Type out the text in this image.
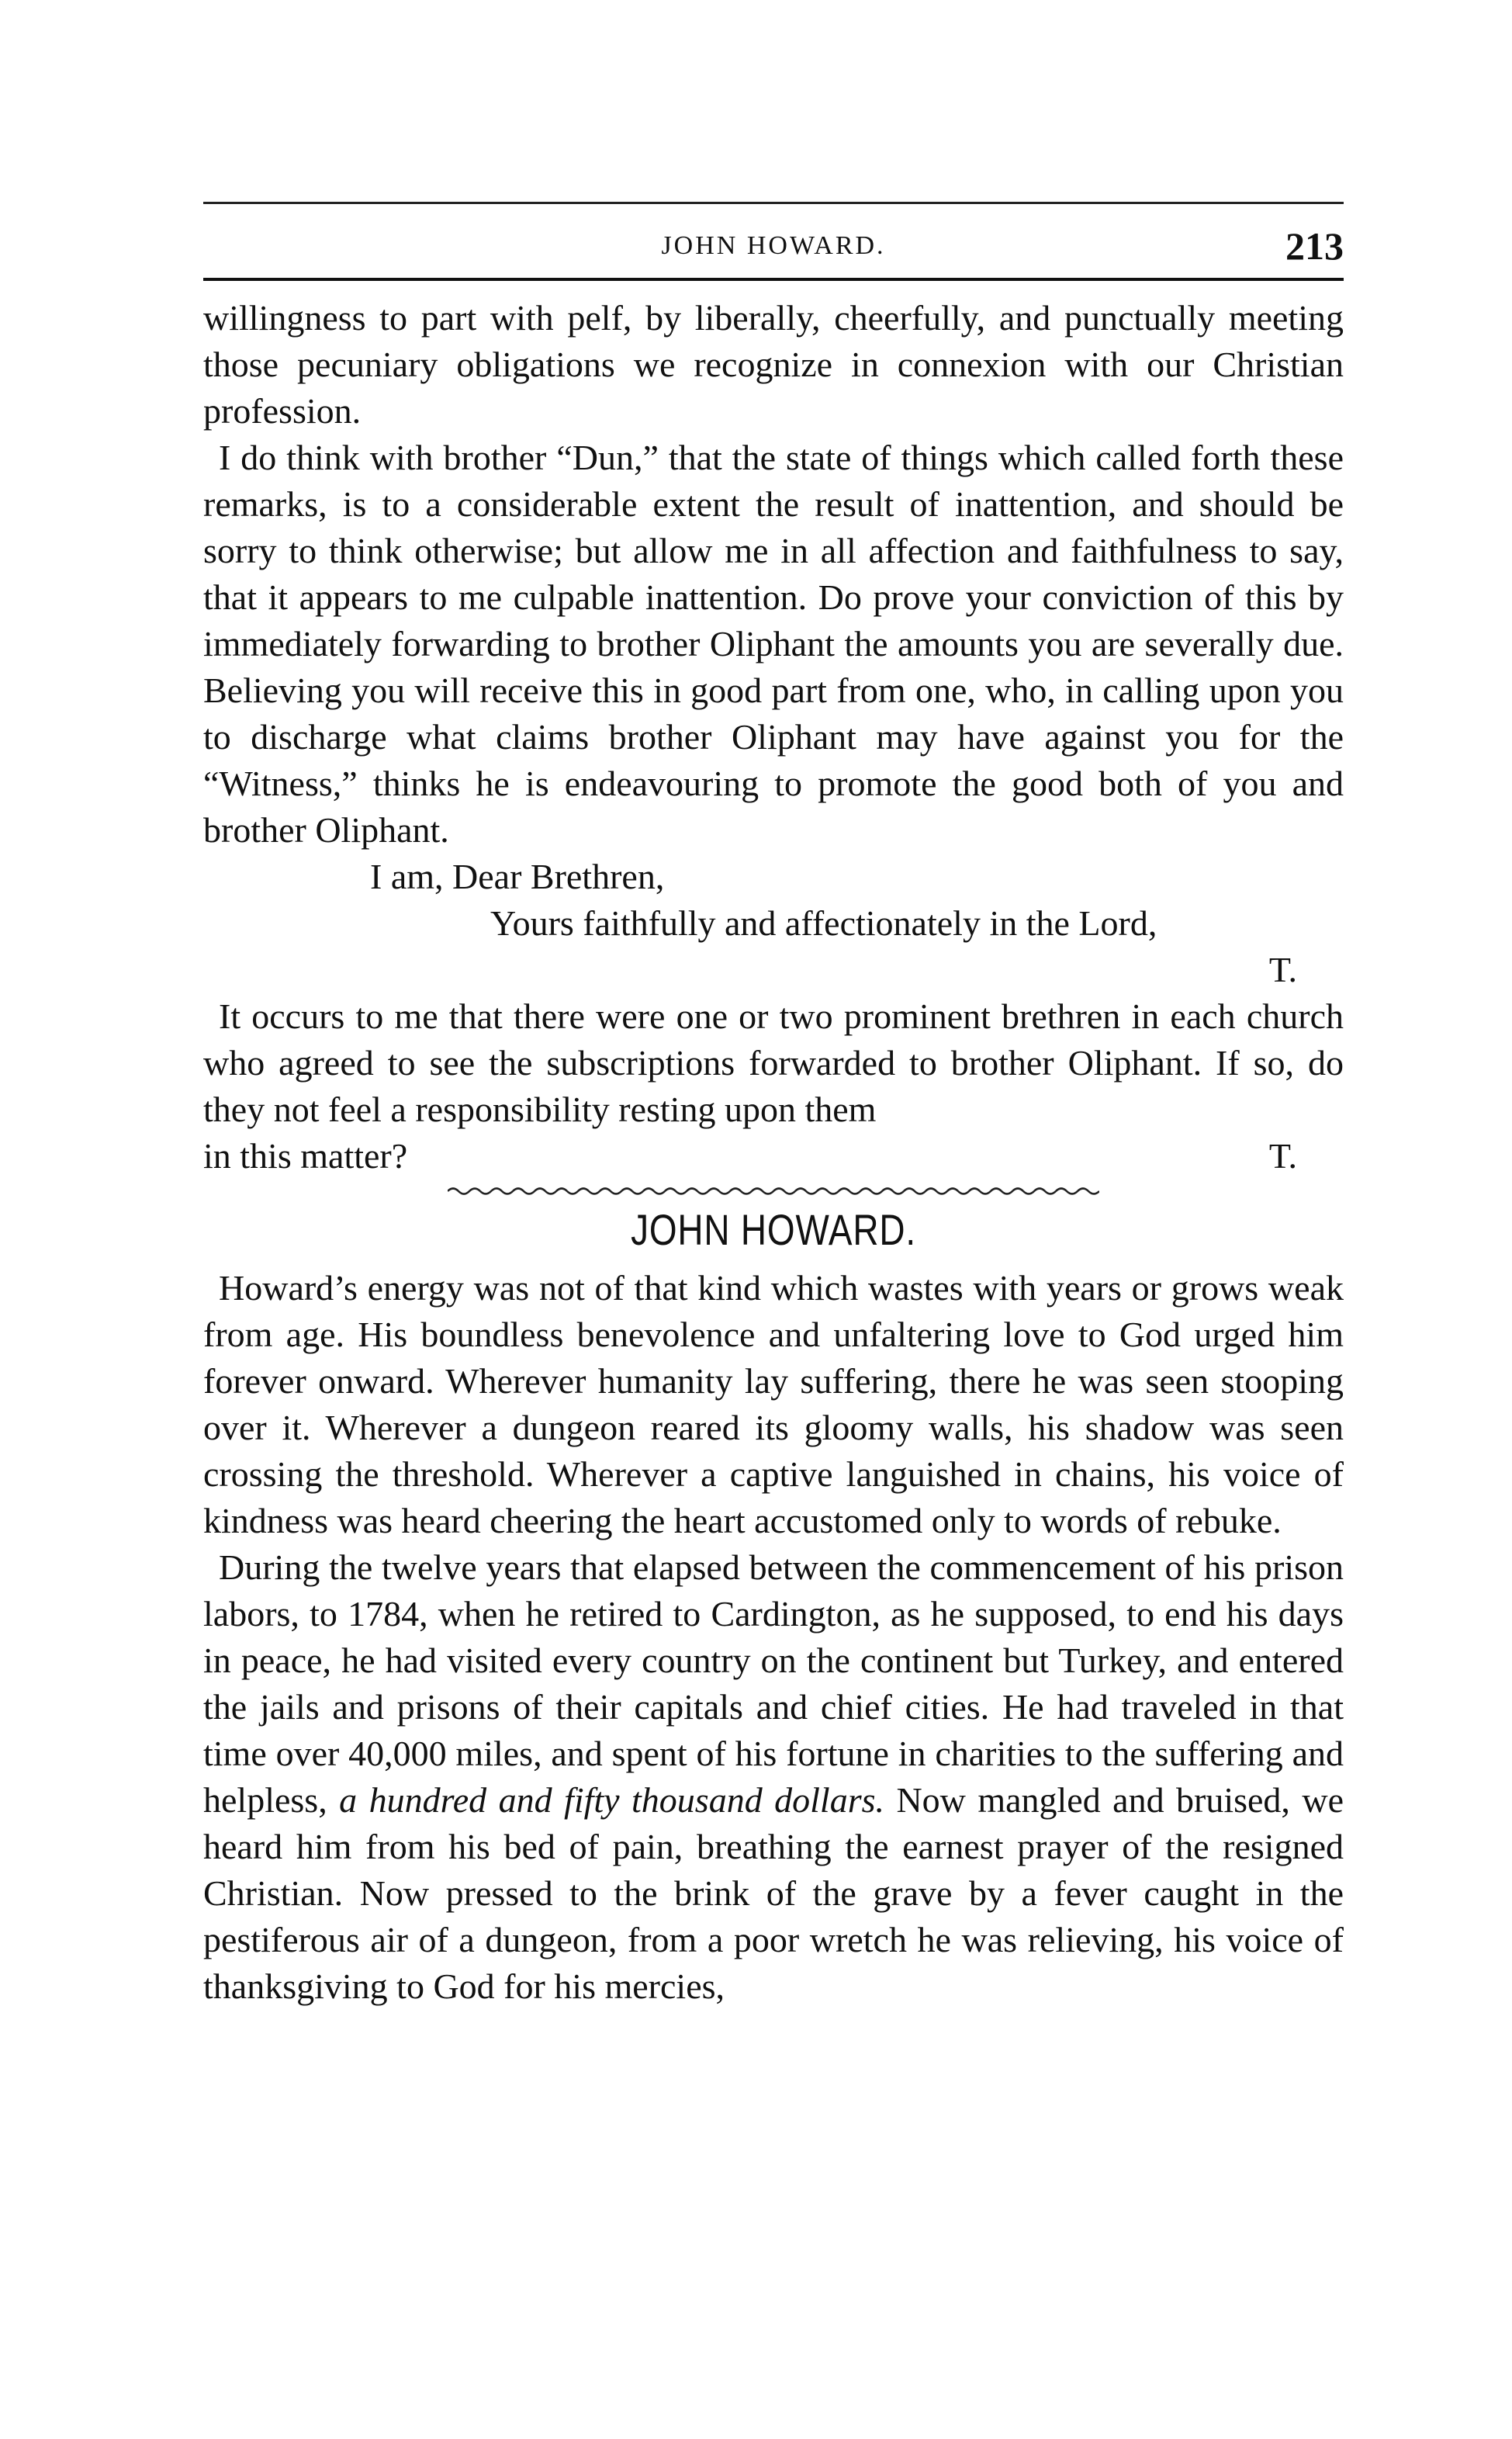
JOHN HOWARD.	213

willingness to part with pelf, by liberally, cheerfully, and punctually meeting those pecuniary obligations we recognize in connexion with our Christian profession.

I do think with brother “Dun,” that the state of things which called forth these remarks, is to a considerable extent the result of inattention, and should be sorry to think otherwise; but allow me in all affection and faithfulness to say, that it appears to me culpable inattention. Do prove your conviction of this by immediately forwarding to brother Oliphant the amounts you are severally due. Believing you will receive this in good part from one, who, in calling upon you to discharge what claims brother Oliphant may have against you for the “Witness,” thinks he is endeavouring to promote the good both of you and brother Oliphant.

I am, Dear Brethren,

Yours faithfully and affectionately in the Lord,

T.

It occurs to me that there were one or two prominent brethren in each church who agreed to see the subscriptions forwarded to brother Oliphant. If so, do they not feel a responsibility resting upon them

in this matter?	T.
JOHN HOWARD.

Howard’s energy was not of that kind which wastes with years or grows weak from age. His boundless benevolence and unfaltering love to God urged him forever onward. Wherever humanity lay suffering, there he was seen stooping over it. Wherever a dungeon reared its gloomy walls, his shadow was seen crossing the threshold. Wherever a captive languished in chains, his voice of kindness was heard cheering the heart accustomed only to words of rebuke.

During the twelve years that elapsed between the commencement of his prison labors, to 1784, when he retired to Cardington, as he supposed, to end his days in peace, he had visited every country on the continent but Turkey, and entered the jails and prisons of their capitals and chief cities. He had traveled in that time over 40,000 miles, and spent of his fortune in charities to the suffering and helpless, a hundred and fifty thousand dollars. Now mangled and bruised, we heard him from his bed of pain, breathing the earnest prayer of the resigned Christian. Now pressed to the brink of the grave by a fever caught in the pestiferous air of a dungeon, from a poor wretch he was relieving, his voice of thanksgiving to God for his mercies,
